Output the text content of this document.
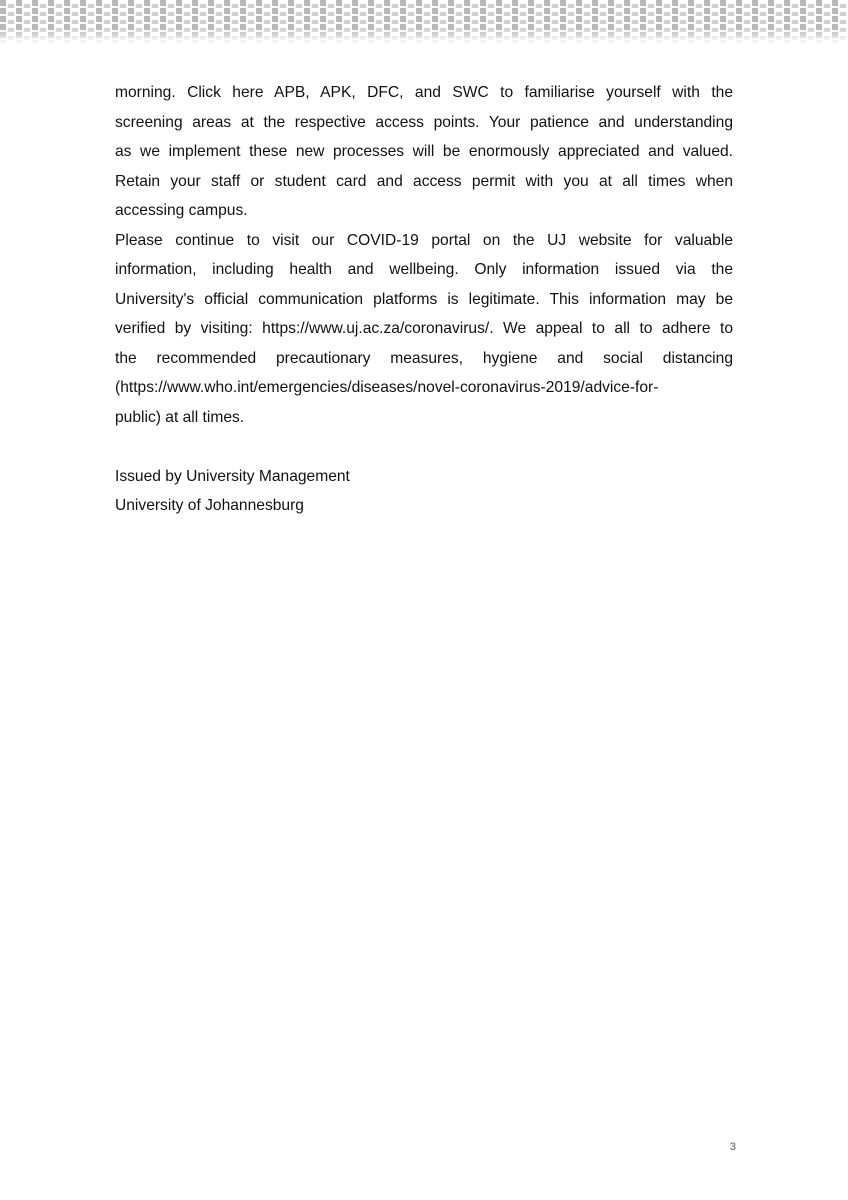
morning. Click here APB, APK, DFC, and SWC to familiarise yourself with the
screening areas at the respective access points. Your patience and understanding
as we implement these new processes will be enormously appreciated and valued.
Retain your staff or student card and access permit with you at all times when
accessing campus.
Please continue to visit our COVID-19 portal on the UJ website for valuable
information, including health and wellbeing. Only information issued via the
University's official communication platforms is legitimate. This information may be
verified by visiting: https://www.uj.ac.za/coronavirus/. We appeal to all to adhere to
the recommended precautionary measures, hygiene and social distancing
(https://www.who.int/emergencies/diseases/novel-coronavirus-2019/advice-for-
public) at all times.
Issued by University Management
University of Johannesburg
3
